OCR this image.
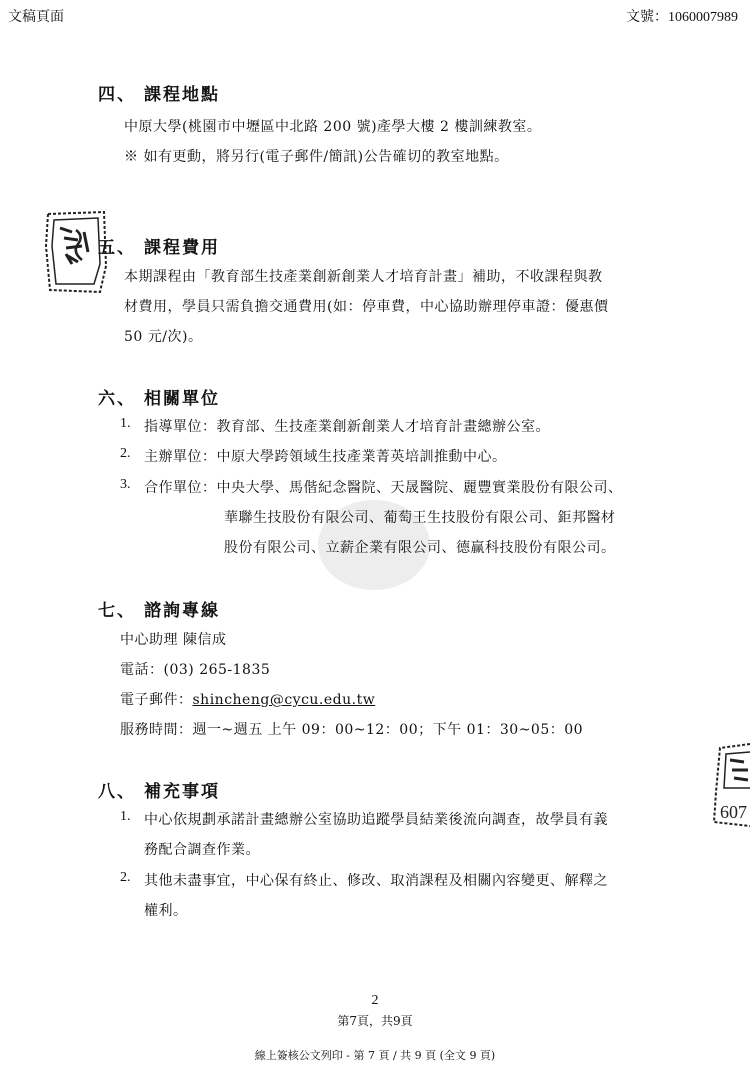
文稿頁面	文號：1060007989
607
四、 課程地點
中原大學(桃園市中壢區中北路 200 號)產學大樓 2 樓訓練教室。
※ 如有更動，將另行(電子郵件/簡訊)公告確切的教室地點。
五、 課程費用
本期課程由「教育部生技產業創新創業人才培育計畫」補助，不收課程與教
材費用，學員只需負擔交通費用(如：停車費，中心協助辦理停車證：優惠價
50 元/次)。
六、 相關單位
1. 指導單位：教育部、生技產業創新創業人才培育計畫總辦公室。
2. 主辦單位：中原大學跨領域生技產業菁英培訓推動中心。
3. 合作單位：中央大學、馬偕紀念醫院、天晟醫院、麗豐實業股份有限公司、
華聯生技股份有限公司、葡萄王生技股份有限公司、鉅邦醫材
股份有限公司、立薪企業有限公司、德赢科技股份有限公司。
七、 諮詢專線
中心助理 陳信成
電話：(03) 265-1835
電子郵件：shincheng@cycu.edu.tw
服務時間：週一~週五 上午 09：00~12：00；下午 01：30~05：00
八、 補充事項
1. 中心依規劃承諾計畫總辦公室協助追蹤學員結業後流向調查，故學員有義
務配合調查作業。
2. 其他未盡事宜，中心保有終止、修改、取消課程及相關內容變更、解釋之
權利。
2
第7頁，共9頁
線上簽核公文列印 - 第 7 頁 / 共 9 頁 (全文 9 頁)
